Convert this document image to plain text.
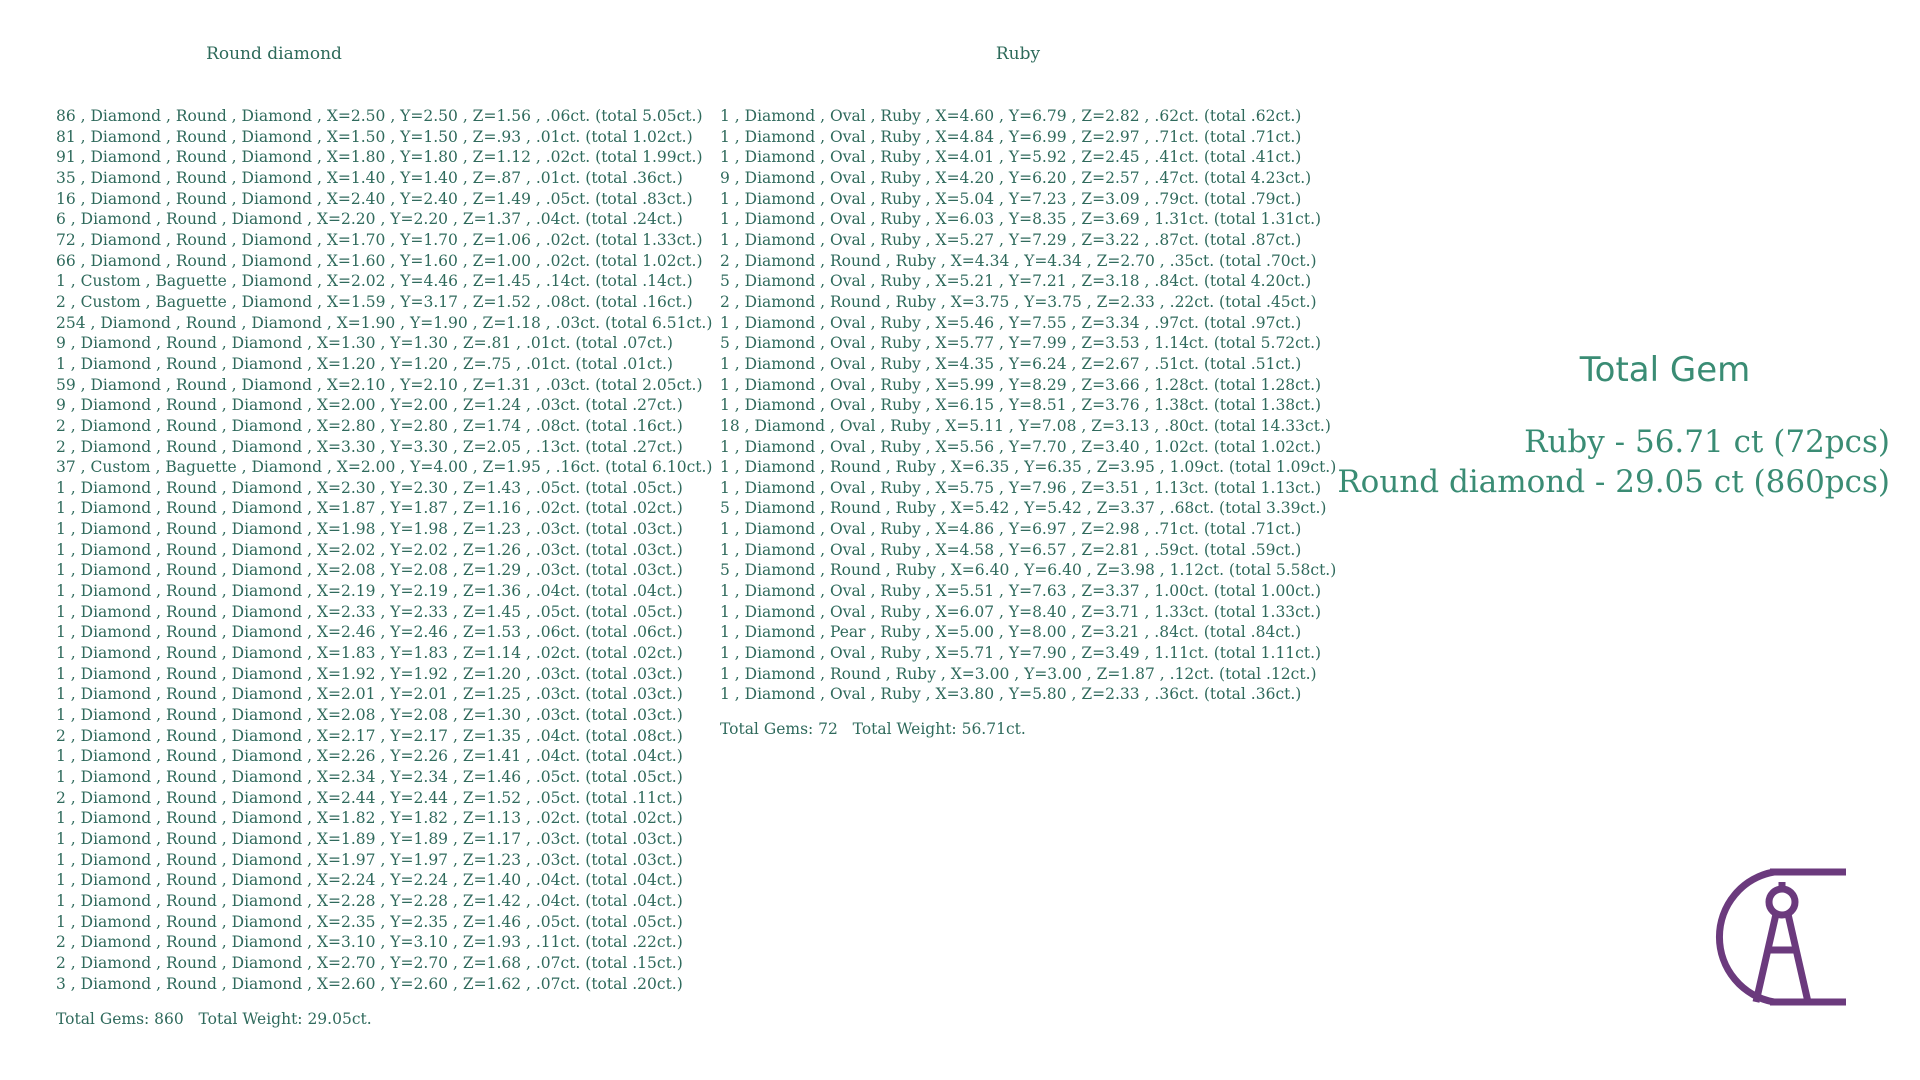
Round diamond	Ruby
86 , Diamond , Round , Diamond , X=2.50 , Y=2.50 , Z=1.56 , .06ct. (total 5.05ct.)
81 , Diamond , Round , Diamond , X=1.50 , Y=1.50 , Z=.93 , .01ct. (total 1.02ct.)
91 , Diamond , Round , Diamond , X=1.80 , Y=1.80 , Z=1.12 , .02ct. (total 1.99ct.)
35 , Diamond , Round , Diamond , X=1.40 , Y=1.40 , Z=.87 , .01ct. (total .36ct.)
16 , Diamond , Round , Diamond , X=2.40 , Y=2.40 , Z=1.49 , .05ct. (total .83ct.)
6 , Diamond , Round , Diamond , X=2.20 , Y=2.20 , Z=1.37 , .04ct. (total .24ct.)
72 , Diamond , Round , Diamond , X=1.70 , Y=1.70 , Z=1.06 , .02ct. (total 1.33ct.)
66 , Diamond , Round , Diamond , X=1.60 , Y=1.60 , Z=1.00 , .02ct. (total 1.02ct.)
1 , Custom , Baguette , Diamond , X=2.02 , Y=4.46 , Z=1.45 , .14ct. (total .14ct.)
2 , Custom , Baguette , Diamond , X=1.59 , Y=3.17 , Z=1.52 , .08ct. (total .16ct.)
254 , Diamond , Round , Diamond , X=1.90 , Y=1.90 , Z=1.18 , .03ct. (total 6.51ct.)
9 , Diamond , Round , Diamond , X=1.30 , Y=1.30 , Z=.81 , .01ct. (total .07ct.)
1 , Diamond , Round , Diamond , X=1.20 , Y=1.20 , Z=.75 , .01ct. (total .01ct.)
59 , Diamond , Round , Diamond , X=2.10 , Y=2.10 , Z=1.31 , .03ct. (total 2.05ct.)
9 , Diamond , Round , Diamond , X=2.00 , Y=2.00 , Z=1.24 , .03ct. (total .27ct.)
2 , Diamond , Round , Diamond , X=2.80 , Y=2.80 , Z=1.74 , .08ct. (total .16ct.)
2 , Diamond , Round , Diamond , X=3.30 , Y=3.30 , Z=2.05 , .13ct. (total .27ct.)
37 , Custom , Baguette , Diamond , X=2.00 , Y=4.00 , Z=1.95 , .16ct. (total 6.10ct.)
1 , Diamond , Round , Diamond , X=2.30 , Y=2.30 , Z=1.43 , .05ct. (total .05ct.)
1 , Diamond , Round , Diamond , X=1.87 , Y=1.87 , Z=1.16 , .02ct. (total .02ct.)
1 , Diamond , Round , Diamond , X=1.98 , Y=1.98 , Z=1.23 , .03ct. (total .03ct.)
1 , Diamond , Round , Diamond , X=2.02 , Y=2.02 , Z=1.26 , .03ct. (total .03ct.)
1 , Diamond , Round , Diamond , X=2.08 , Y=2.08 , Z=1.29 , .03ct. (total .03ct.)
1 , Diamond , Round , Diamond , X=2.19 , Y=2.19 , Z=1.36 , .04ct. (total .04ct.)
1 , Diamond , Round , Diamond , X=2.33 , Y=2.33 , Z=1.45 , .05ct. (total .05ct.)
1 , Diamond , Round , Diamond , X=2.46 , Y=2.46 , Z=1.53 , .06ct. (total .06ct.)
1 , Diamond , Round , Diamond , X=1.83 , Y=1.83 , Z=1.14 , .02ct. (total .02ct.)
1 , Diamond , Round , Diamond , X=1.92 , Y=1.92 , Z=1.20 , .03ct. (total .03ct.)
1 , Diamond , Round , Diamond , X=2.01 , Y=2.01 , Z=1.25 , .03ct. (total .03ct.)
1 , Diamond , Round , Diamond , X=2.08 , Y=2.08 , Z=1.30 , .03ct. (total .03ct.)
2 , Diamond , Round , Diamond , X=2.17 , Y=2.17 , Z=1.35 , .04ct. (total .08ct.)
1 , Diamond , Round , Diamond , X=2.26 , Y=2.26 , Z=1.41 , .04ct. (total .04ct.)
1 , Diamond , Round , Diamond , X=2.34 , Y=2.34 , Z=1.46 , .05ct. (total .05ct.)
2 , Diamond , Round , Diamond , X=2.44 , Y=2.44 , Z=1.52 , .05ct. (total .11ct.)
1 , Diamond , Round , Diamond , X=1.82 , Y=1.82 , Z=1.13 , .02ct. (total .02ct.)
1 , Diamond , Round , Diamond , X=1.89 , Y=1.89 , Z=1.17 , .03ct. (total .03ct.)
1 , Diamond , Round , Diamond , X=1.97 , Y=1.97 , Z=1.23 , .03ct. (total .03ct.)
1 , Diamond , Round , Diamond , X=2.24 , Y=2.24 , Z=1.40 , .04ct. (total .04ct.)
1 , Diamond , Round , Diamond , X=2.28 , Y=2.28 , Z=1.42 , .04ct. (total .04ct.)
1 , Diamond , Round , Diamond , X=2.35 , Y=2.35 , Z=1.46 , .05ct. (total .05ct.)
2 , Diamond , Round , Diamond , X=3.10 , Y=3.10 , Z=1.93 , .11ct. (total .22ct.)
2 , Diamond , Round , Diamond , X=2.70 , Y=2.70 , Z=1.68 , .07ct. (total .15ct.)
3 , Diamond , Round , Diamond , X=2.60 , Y=2.60 , Z=1.62 , .07ct. (total .20ct.)
1 , Diamond , Oval , Ruby , X=4.60 , Y=6.79 , Z=2.82 , .62ct. (total .62ct.)
1 , Diamond , Oval , Ruby , X=4.84 , Y=6.99 , Z=2.97 , .71ct. (total .71ct.)
1 , Diamond , Oval , Ruby , X=4.01 , Y=5.92 , Z=2.45 , .41ct. (total .41ct.)
9 , Diamond , Oval , Ruby , X=4.20 , Y=6.20 , Z=2.57 , .47ct. (total 4.23ct.)
1 , Diamond , Oval , Ruby , X=5.04 , Y=7.23 , Z=3.09 , .79ct. (total .79ct.)
1 , Diamond , Oval , Ruby , X=6.03 , Y=8.35 , Z=3.69 , 1.31ct. (total 1.31ct.)
1 , Diamond , Oval , Ruby , X=5.27 , Y=7.29 , Z=3.22 , .87ct. (total .87ct.)
2 , Diamond , Round , Ruby , X=4.34 , Y=4.34 , Z=2.70 , .35ct. (total .70ct.)
5 , Diamond , Oval , Ruby , X=5.21 , Y=7.21 , Z=3.18 , .84ct. (total 4.20ct.)
2 , Diamond , Round , Ruby , X=3.75 , Y=3.75 , Z=2.33 , .22ct. (total .45ct.)
1 , Diamond , Oval , Ruby , X=5.46 , Y=7.55 , Z=3.34 , .97ct. (total .97ct.)
5 , Diamond , Oval , Ruby , X=5.77 , Y=7.99 , Z=3.53 , 1.14ct. (total 5.72ct.)
1 , Diamond , Oval , Ruby , X=4.35 , Y=6.24 , Z=2.67 , .51ct. (total .51ct.)
1 , Diamond , Oval , Ruby , X=5.99 , Y=8.29 , Z=3.66 , 1.28ct. (total 1.28ct.)
1 , Diamond , Oval , Ruby , X=6.15 , Y=8.51 , Z=3.76 , 1.38ct. (total 1.38ct.)
18 , Diamond , Oval , Ruby , X=5.11 , Y=7.08 , Z=3.13 , .80ct. (total 14.33ct.)
1 , Diamond , Oval , Ruby , X=5.56 , Y=7.70 , Z=3.40 , 1.02ct. (total 1.02ct.)
1 , Diamond , Round , Ruby , X=6.35 , Y=6.35 , Z=3.95 , 1.09ct. (total 1.09ct.)
1 , Diamond , Oval , Ruby , X=5.75 , Y=7.96 , Z=3.51 , 1.13ct. (total 1.13ct.)
5 , Diamond , Round , Ruby , X=5.42 , Y=5.42 , Z=3.37 , .68ct. (total 3.39ct.)
1 , Diamond , Oval , Ruby , X=4.86 , Y=6.97 , Z=2.98 , .71ct. (total .71ct.)
1 , Diamond , Oval , Ruby , X=4.58 , Y=6.57 , Z=2.81 , .59ct. (total .59ct.)
5 , Diamond , Round , Ruby , X=6.40 , Y=6.40 , Z=3.98 , 1.12ct. (total 5.58ct.)
1 , Diamond , Oval , Ruby , X=5.51 , Y=7.63 , Z=3.37 , 1.00ct. (total 1.00ct.)
1 , Diamond , Oval , Ruby , X=6.07 , Y=8.40 , Z=3.71 , 1.33ct. (total 1.33ct.)
1 , Diamond , Pear , Ruby , X=5.00 , Y=8.00 , Z=3.21 , .84ct. (total .84ct.)
1 , Diamond , Oval , Ruby , X=5.71 , Y=7.90 , Z=3.49 , 1.11ct. (total 1.11ct.)
1 , Diamond , Round , Ruby , X=3.00 , Y=3.00 , Z=1.87 , .12ct. (total .12ct.)
1 , Diamond , Oval , Ruby , X=3.80 , Y=5.80 , Z=2.33 , .36ct. (total .36ct.)
Total Gems: 860   Total Weight: 29.05ct.
Total Gems: 72   Total Weight: 56.71ct.
Total Gem
Ruby - 56.71 ct (72pcs)
Round diamond - 29.05 ct (860pcs)
